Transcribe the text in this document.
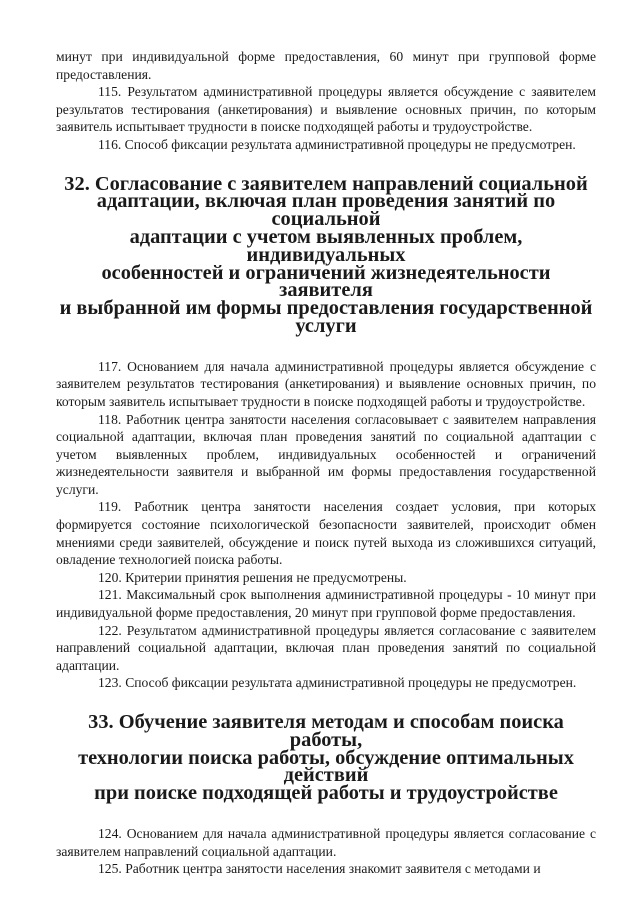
минут при индивидуальной форме предоставления, 60 минут при групповой форме предоставления.

115. Результатом административной процедуры является обсуждение с заявителем результатов тестирования (анкетирования) и выявление основных причин, по которым заявитель испытывает трудности в поиске подходящей работы и трудоустройстве.

116. Способ фиксации результата административной процедуры не предусмотрен.

32. Согласование с заявителем направлений социальной
адаптации, включая план проведения занятий по социальной
адаптации с учетом выявленных проблем, индивидуальных
особенностей и ограничений жизнедеятельности заявителя
и выбранной им формы предоставления государственной услуги

117. Основанием для начала административной процедуры является обсуждение с заявителем результатов тестирования (анкетирования) и выявление основных причин, по которым заявитель испытывает трудности в поиске подходящей работы и трудоустройстве.

118. Работник центра занятости населения согласовывает с заявителем направления социальной адаптации, включая план проведения занятий по социальной адаптации с учетом выявленных проблем, индивидуальных особенностей и ограничений жизнедеятельности заявителя и выбранной им формы предоставления государственной услуги.

119. Работник центра занятости населения создает условия, при которых формируется состояние психологической безопасности заявителей, происходит обмен мнениями среди заявителей, обсуждение и поиск путей выхода из сложившихся ситуаций, овладение технологией поиска работы.

120. Критерии принятия решения не предусмотрены.

121. Максимальный срок выполнения административной процедуры - 10 минут при индивидуальной форме предоставления, 20 минут при групповой форме предоставления.

122. Результатом административной процедуры является согласование с заявителем направлений социальной адаптации, включая план проведения занятий по социальной адаптации.

123. Способ фиксации результата административной процедуры не предусмотрен.

33. Обучение заявителя методам и способам поиска работы,
технологии поиска работы, обсуждение оптимальных действий
при поиске подходящей работы и трудоустройстве

124. Основанием для начала административной процедуры является согласование с заявителем направлений социальной адаптации.

125. Работник центра занятости населения знакомит заявителя с методами и
